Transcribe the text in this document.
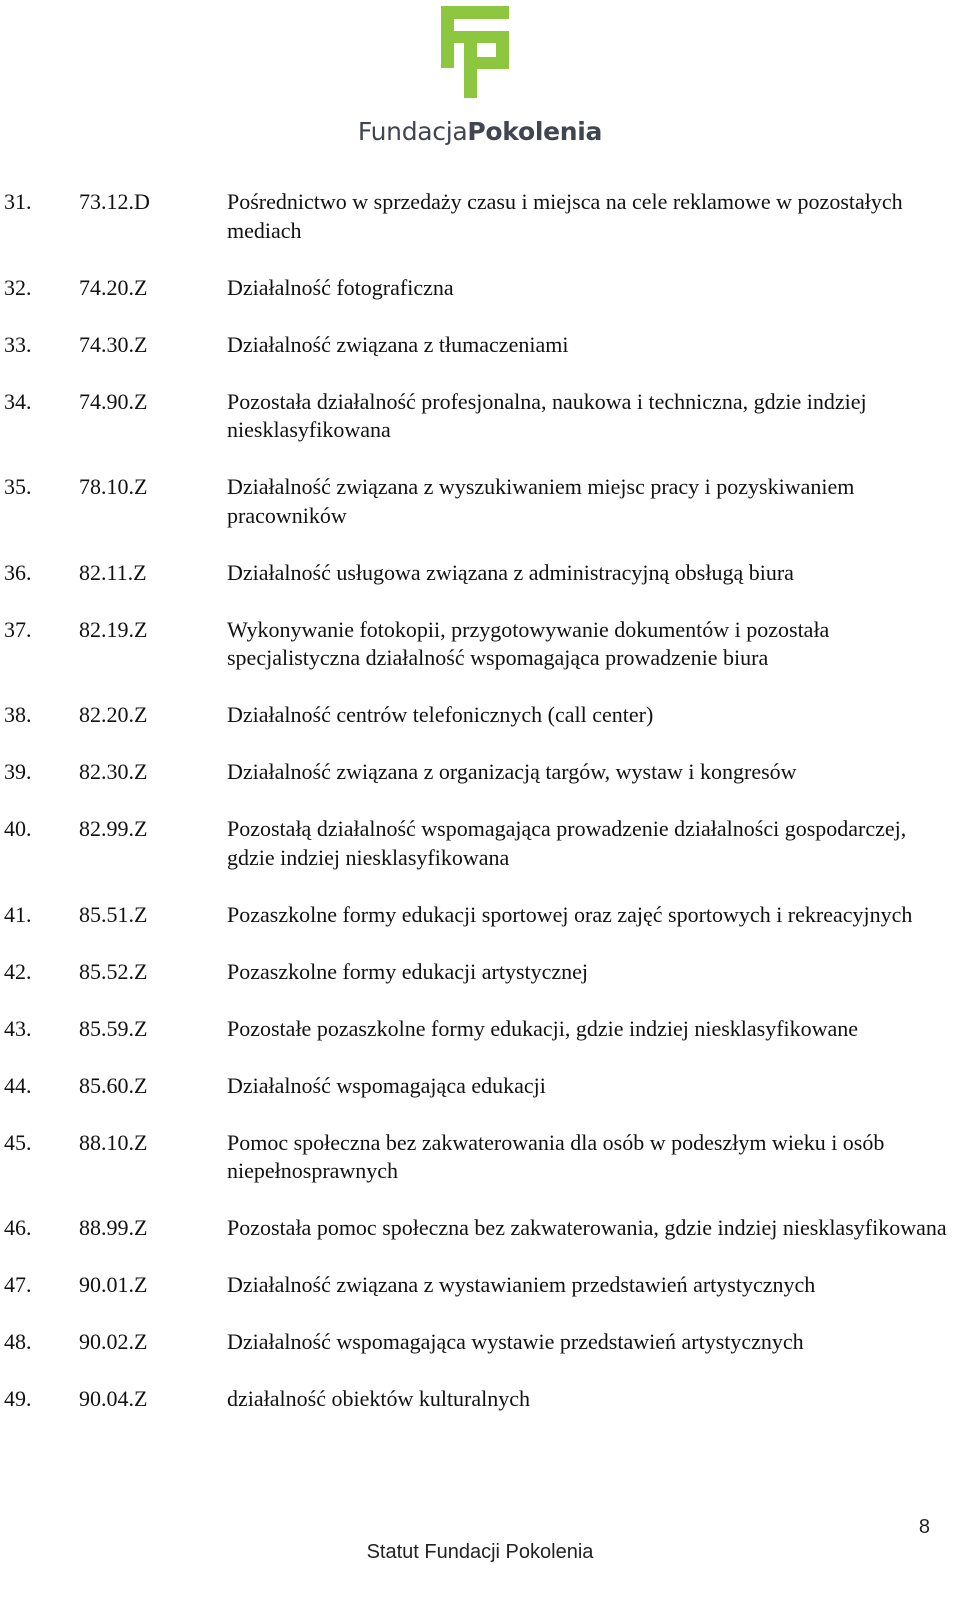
FundacjaPokolenia
31. 73.12.D	Pośrednictwo w sprzedaży czasu i miejsca na cele reklamowe w pozostałych mediach
32. 74.20.Z	Działalność fotograficzna
33. 74.30.Z	Działalność związana z tłumaczeniami
34. 74.90.Z	Pozostała działalność profesjonalna, naukowa i techniczna, gdzie indziej niesklasyfikowana
35. 78.10.Z	Działalność związana z wyszukiwaniem miejsc pracy i pozyskiwaniem pracowników
36. 82.11.Z	Działalność usługowa związana z administracyjną obsługą biura
37. 82.19.Z	Wykonywanie fotokopii, przygotowywanie dokumentów i pozostała specjalistyczna działalność wspomagająca prowadzenie biura
38. 82.20.Z	Działalność centrów telefonicznych (call center)
39. 82.30.Z	Działalność związana z organizacją targów, wystaw i kongresów
40. 82.99.Z	Pozostałą działalność wspomagająca prowadzenie działalności gospodarczej, gdzie indziej niesklasyfikowana
41. 85.51.Z	Pozaszkolne formy edukacji sportowej oraz zajęć sportowych i rekreacyjnych
42. 85.52.Z	Pozaszkolne formy edukacji artystycznej
43. 85.59.Z	Pozostałe pozaszkolne formy edukacji, gdzie indziej niesklasyfikowane
44. 85.60.Z	Działalność wspomagająca edukacji
45. 88.10.Z	Pomoc społeczna bez zakwaterowania dla osób w podeszłym wieku i osób niepełnosprawnych
46. 88.99.Z	Pozostała pomoc społeczna bez zakwaterowania, gdzie indziej niesklasyfikowana
47. 90.01.Z	Działalność związana z wystawianiem przedstawień artystycznych
48. 90.02.Z	Działalność wspomagająca wystawie przedstawień artystycznych
49. 90.04.Z	działalność obiektów kulturalnych
8
Statut Fundacji Pokolenia
